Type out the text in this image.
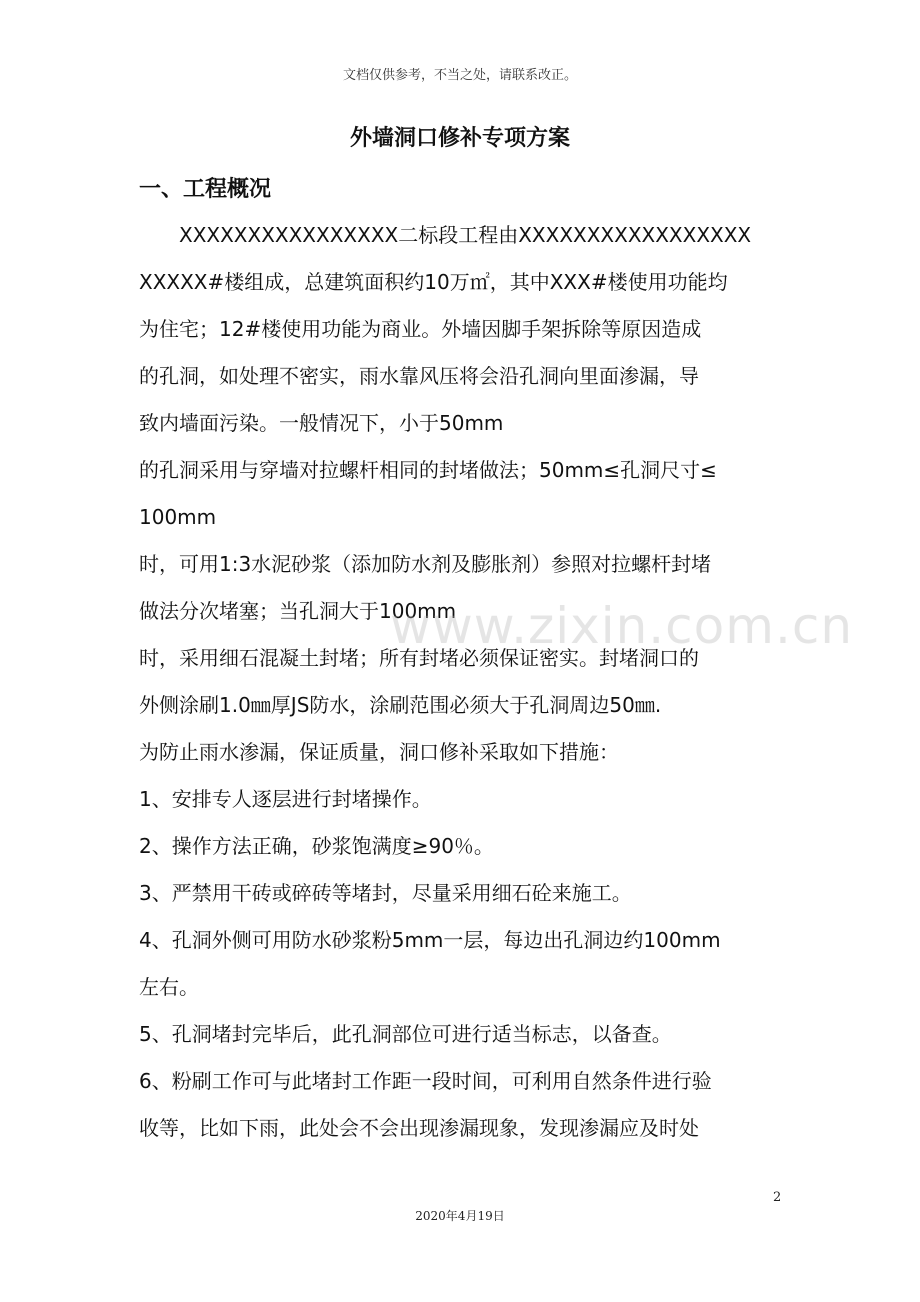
文档仅供参考，不当之处，请联系改正。
外墙洞口修补专项方案
一、工程概况
　　XXXXXXXXXXXXXXXX二标段工程由XXXXXXXXXXXXXXXXX
XXXXX#楼组成，总建筑面积约10万㎡，其中XXX#楼使用功能均
为住宅；12#楼使用功能为商业。外墙因脚手架拆除等原因造成
的孔洞，如处理不密实，雨水靠风压将会沿孔洞向里面渗漏，导
致内墙面污染。一般情况下，小于50mm
的孔洞采用与穿墙对拉螺杆相同的封堵做法；50mm≤孔洞尺寸≤
100mm
时，可用1:3水泥砂浆（添加防水剂及膨胀剂）参照对拉螺杆封堵
做法分次堵塞；当孔洞大于100mm
时，采用细石混凝土封堵；所有封堵必须保证密实。封堵洞口的
外侧涂刷1.0㎜厚JS防水，涂刷范围必须大于孔洞周边50㎜.
为防止雨水渗漏，保证质量，洞口修补采取如下措施：
1、安排专人逐层进行封堵操作。
2、操作方法正确，砂浆饱满度≥90％。
3、严禁用干砖或碎砖等堵封，尽量采用细石砼来施工。
4、孔洞外侧可用防水砂浆粉5mm一层，每边出孔洞边约100mm
左右。
5、孔洞堵封完毕后，此孔洞部位可进行适当标志，以备查。
6、粉刷工作可与此堵封工作距一段时间，可利用自然条件进行验
收等，比如下雨，此处会不会出现渗漏现象，发现渗漏应及时处
www.zixin.com.cn
2
2020年4月19日
